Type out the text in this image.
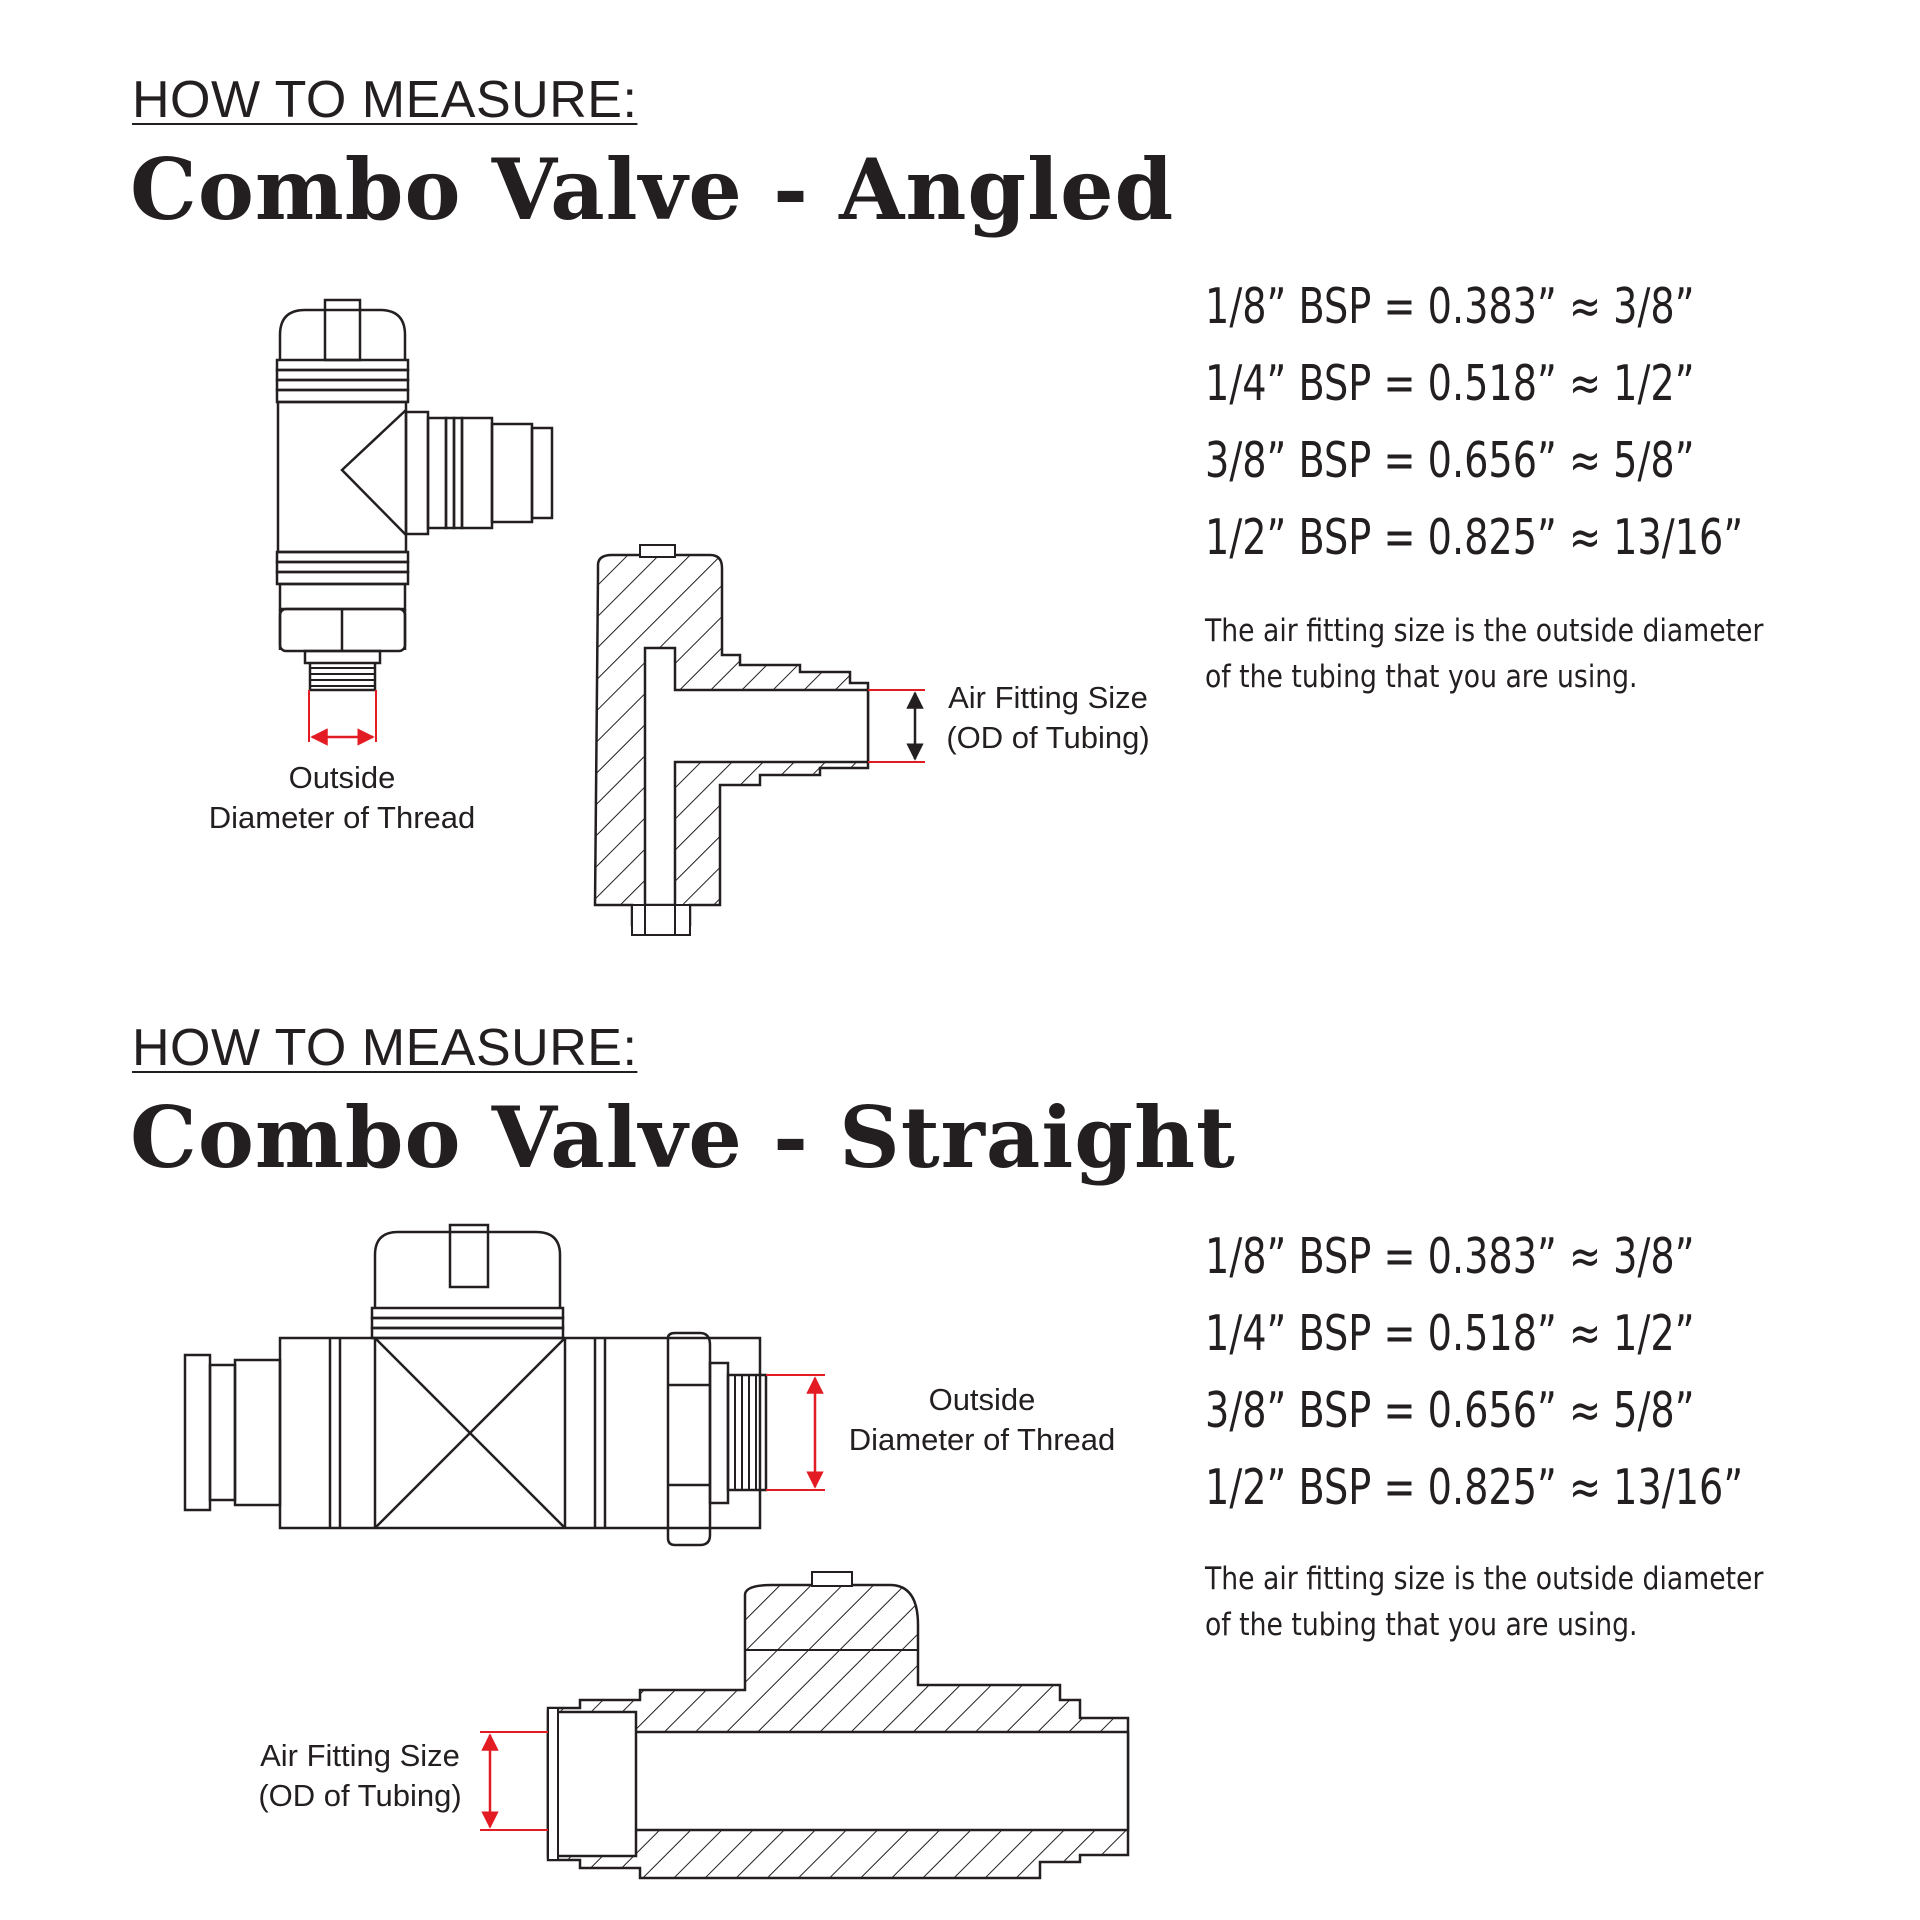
HOW TO MEASURE:
Combo Valve - Angled
1/8” BSP = 0.383” ≈ 3/8”
1/4” BSP = 0.518” ≈ 1/2”
3/8” BSP = 0.656” ≈ 5/8”
1/2” BSP = 0.825” ≈ 13/16”

The air fitting size is the outside diameter
of the tubing that you are using.

HOW TO MEASURE:
Combo Valve - Straight
1/8” BSP = 0.383” ≈ 3/8”
1/4” BSP = 0.518” ≈ 1/2”
3/8” BSP = 0.656” ≈ 5/8”
1/2” BSP = 0.825” ≈ 13/16”

The air fitting size is the outside diameter
of the tubing that you are using.

Outside
Diameter of Thread
Air Fitting Size
(OD of Tubing)
Outside
Diameter of Thread
Air Fitting Size
(OD of Tubing)
